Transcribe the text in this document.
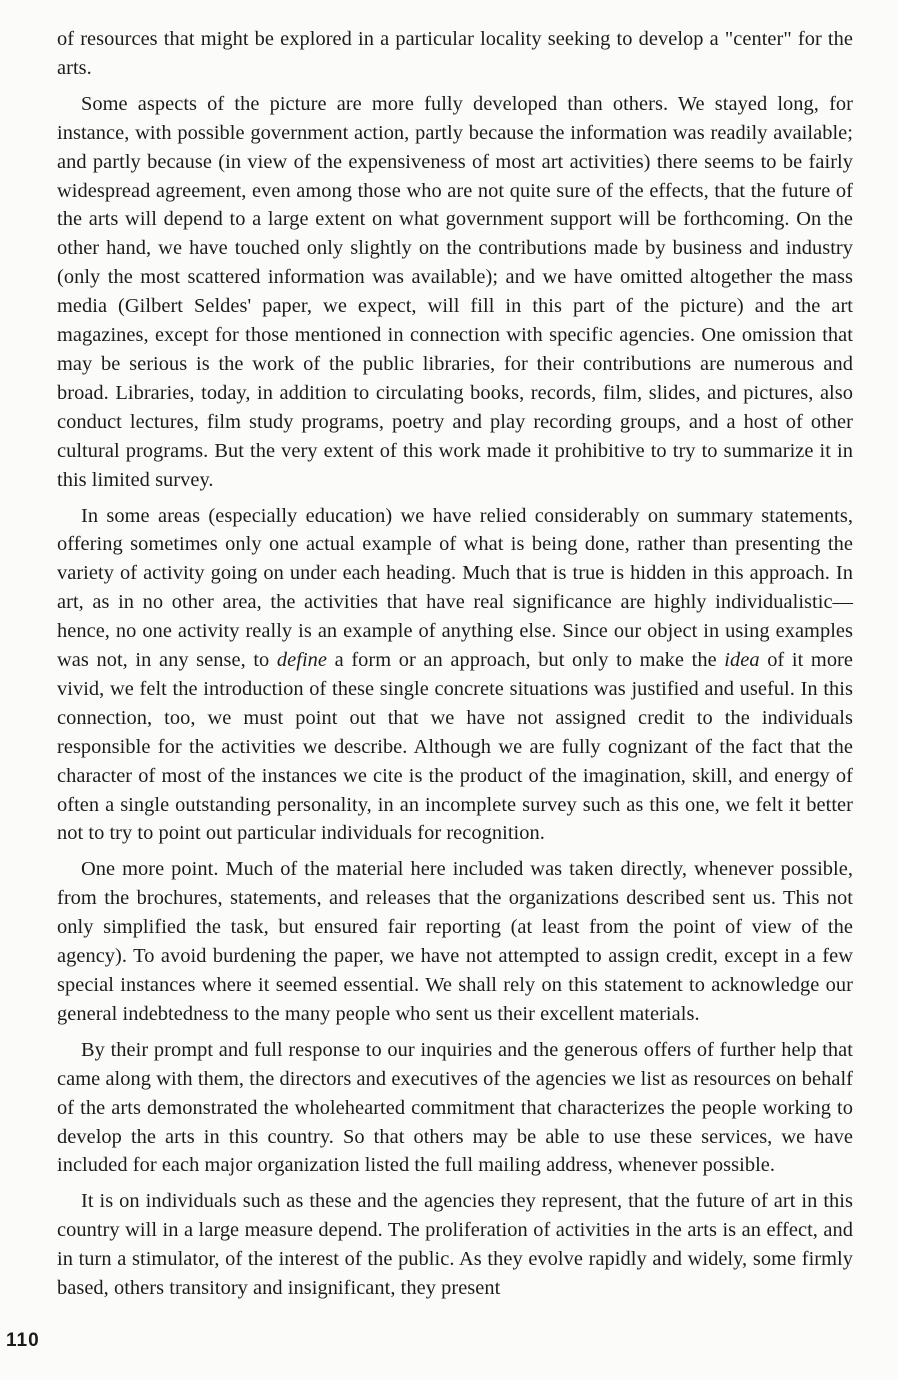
of resources that might be explored in a particular locality seeking to develop a "center" for the arts.

Some aspects of the picture are more fully developed than others. We stayed long, for instance, with possible government action, partly because the information was readily available; and partly because (in view of the expensiveness of most art activities) there seems to be fairly widespread agreement, even among those who are not quite sure of the effects, that the future of the arts will depend to a large extent on what government support will be forthcoming. On the other hand, we have touched only slightly on the contributions made by business and industry (only the most scattered information was available); and we have omitted altogether the mass media (Gilbert Seldes' paper, we expect, will fill in this part of the picture) and the art magazines, except for those mentioned in connection with specific agencies. One omission that may be serious is the work of the public libraries, for their contributions are numerous and broad. Libraries, today, in addition to circulating books, records, film, slides, and pictures, also conduct lectures, film study programs, poetry and play recording groups, and a host of other cultural programs. But the very extent of this work made it prohibitive to try to summarize it in this limited survey.

In some areas (especially education) we have relied considerably on summary statements, offering sometimes only one actual example of what is being done, rather than presenting the variety of activity going on under each heading. Much that is true is hidden in this approach. In art, as in no other area, the activities that have real significance are highly individualistic—hence, no one activity really is an example of anything else. Since our object in using examples was not, in any sense, to define a form or an approach, but only to make the idea of it more vivid, we felt the introduction of these single concrete situations was justified and useful. In this connection, too, we must point out that we have not assigned credit to the individuals responsible for the activities we describe. Although we are fully cognizant of the fact that the character of most of the instances we cite is the product of the imagination, skill, and energy of often a single outstanding personality, in an incomplete survey such as this one, we felt it better not to try to point out particular individuals for recognition.

One more point. Much of the material here included was taken directly, whenever possible, from the brochures, statements, and releases that the organizations described sent us. This not only simplified the task, but ensured fair reporting (at least from the point of view of the agency). To avoid burdening the paper, we have not attempted to assign credit, except in a few special instances where it seemed essential. We shall rely on this statement to acknowledge our general indebtedness to the many people who sent us their excellent materials.

By their prompt and full response to our inquiries and the generous offers of further help that came along with them, the directors and executives of the agencies we list as resources on behalf of the arts demonstrated the wholehearted commitment that characterizes the people working to develop the arts in this country. So that others may be able to use these services, we have included for each major organization listed the full mailing address, whenever possible.

It is on individuals such as these and the agencies they represent, that the future of art in this country will in a large measure depend. The proliferation of activities in the arts is an effect, and in turn a stimulator, of the interest of the public. As they evolve rapidly and widely, some firmly based, others transitory and insignificant, they present

110
